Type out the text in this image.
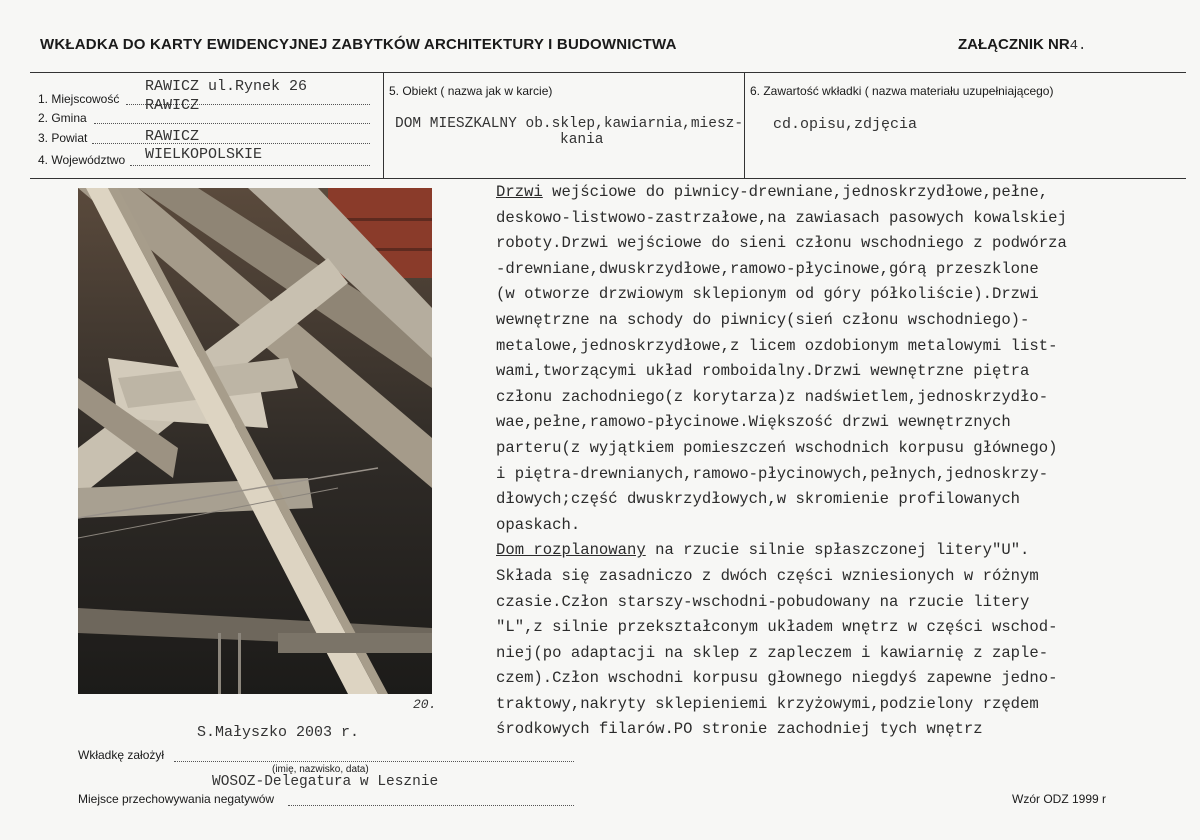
WKŁADKA DO KARTY EWIDENCYJNEJ ZABYTKÓW ARCHITEKTURY I BUDOWNICTWA	ZAŁĄCZNIK NR4.
1. Miejscowość
RAWICZ ul.Rynek 26
2. Gmina
RAWICZ
3. Powiat	RAWICZ
4. Województwo WIELKOPOLSKIE
5. Obiekt ( nazwa jak w karcie)
DOM MIESZKALNY ob.sklep,kawiarnia,miesz-
kania
6. Zawartość wkładki ( nazwa materiału uzupełniającego)
cd.opisu,zdjęcia
20.
S.Małyszko 2003 r.
Drzwi wejściowe do piwnicy-drewniane,jednoskrzydłowe,pełne,
deskowo-listwowo-zastrzałowe,na zawiasach pasowych kowalskiej
roboty.Drzwi wejściowe do sieni członu wschodniego z podwórza
-drewniane,dwuskrzydłowe,ramowo-płycinowe,górą przeszklone
(w otworze drzwiowym sklepionym od góry półkoliście).Drzwi
wewnętrzne na schody do piwnicy(sień członu wschodniego)-
metalowe,jednoskrzydłowe,z licem ozdobionym metalowymi list-
wami,tworzącymi układ romboidalny.Drzwi wewnętrzne piętra
członu zachodniego(z korytarza)z nadświetlem,jednoskrzydło-
wae,pełne,ramowo-płycinowe.Większość drzwi wewnętrznych
parteru(z wyjątkiem pomieszczeń wschodnich korpusu głównego)
i piętra-drewnianych,ramowo-płycinowych,pełnych,jednoskrzy-
dłowych;część dwuskrzydłowych,w skromienie profilowanych
opaskach.
Dom rozplanowany na rzucie silnie spłaszczonej litery"U".
Składa się zasadniczo z dwóch części wzniesionych w różnym
czasie.Człon starszy-wschodni-pobudowany na rzucie litery
"L",z silnie przekształconym układem wnętrz w części wschod-
niej(po adaptacji na sklep z zapleczem i kawiarnię z zaple-
czem).Człon wschodni korpusu głownego niegdyś zapewne jedno-
traktowy,nakryty sklepieniemi krzyżowymi,podzielony rzędem
środkowych filarów.PO stronie zachodniej tych wnętrz
Wkładkę założył
(imię, nazwisko, data)
WOSOZ-Delegatura w Lesznie
Miejsce przechowywania negatywów	Wzór ODZ 1999 r
